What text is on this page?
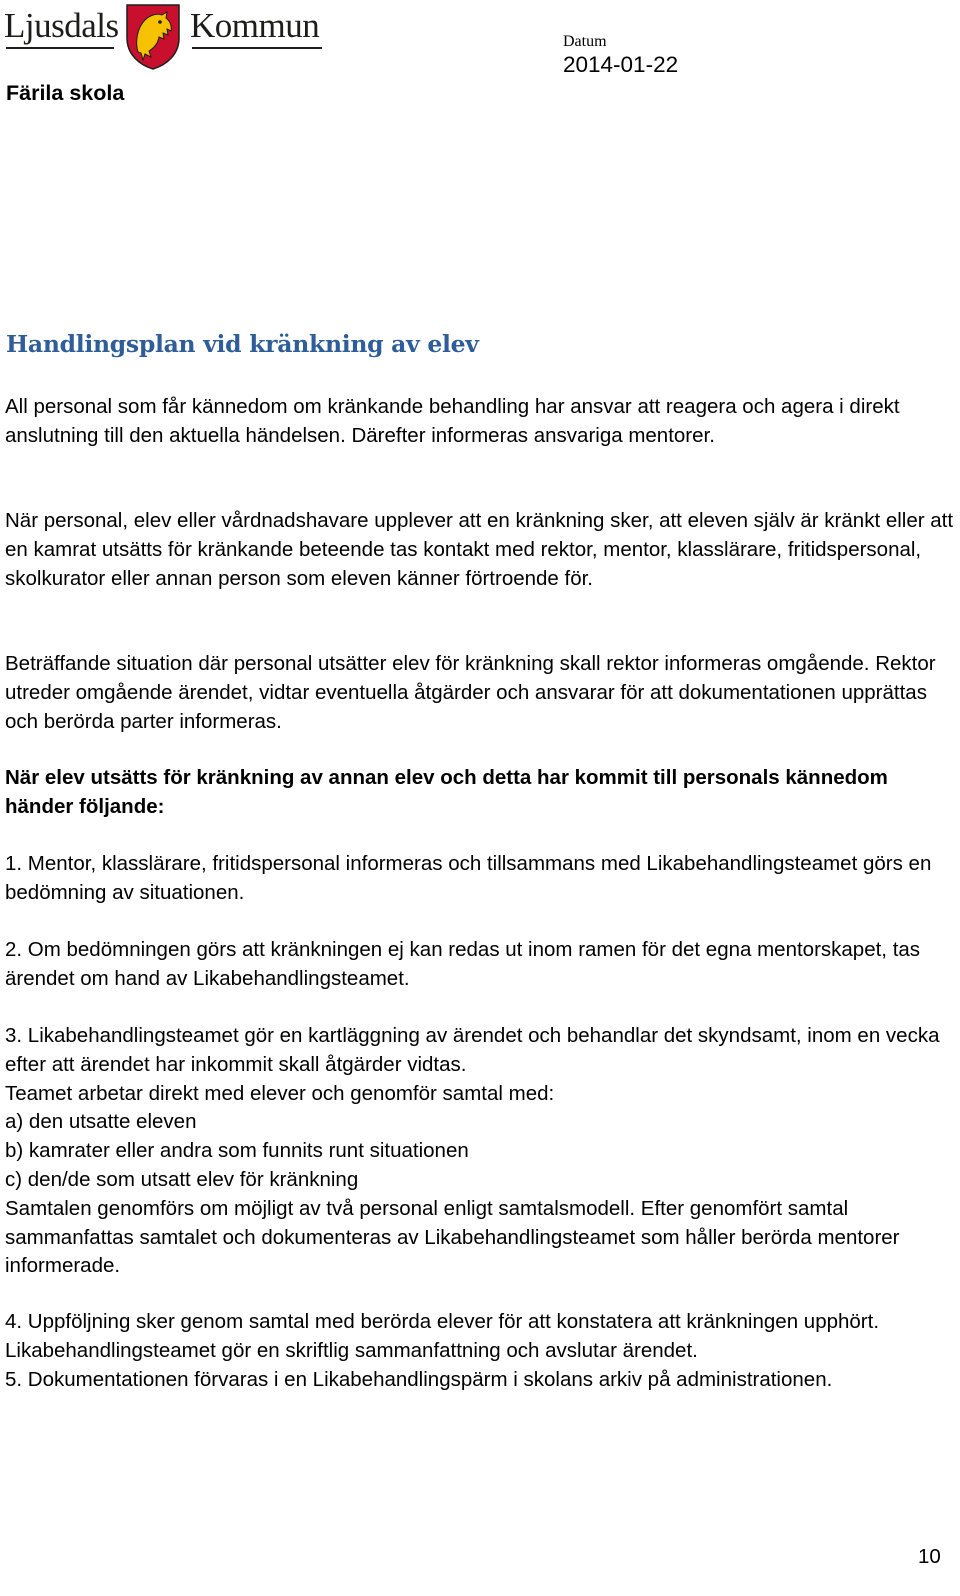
Ljusdals Kommun
Färila skola
Datum
2014-01-22
Handlingsplan vid kränkning av elev

All personal som får kännedom om kränkande behandling har ansvar att reagera och agera i direkt anslutning till den aktuella händelsen. Därefter informeras ansvariga mentorer.

När personal, elev eller vårdnadshavare upplever att en kränkning sker, att eleven själv är kränkt eller att en kamrat utsätts för kränkande beteende tas kontakt med rektor, mentor, klasslärare, fritidspersonal, skolkurator eller annan person som eleven känner förtroende för.

Beträffande situation där personal utsätter elev för kränkning skall rektor informeras omgående. Rektor utreder omgående ärendet, vidtar eventuella åtgärder och ansvarar för att dokumentationen upprättas och berörda parter informeras.

När elev utsätts för kränkning av annan elev och detta har kommit till personals kännedom händer följande:

1. Mentor, klasslärare, fritidspersonal informeras och tillsammans med Likabehandlingsteamet görs en bedömning av situationen.

2. Om bedömningen görs att kränkningen ej kan redas ut inom ramen för det egna mentorskapet, tas ärendet om hand av Likabehandlingsteamet.

3. Likabehandlingsteamet gör en kartläggning av ärendet och behandlar det skyndsamt, inom en vecka efter att ärendet har inkommit skall åtgärder vidtas.
Teamet arbetar direkt med elever och genomför samtal med:
a) den utsatte eleven
b) kamrater eller andra som funnits runt situationen
c) den/de som utsatt elev för kränkning
Samtalen genomförs om möjligt av två personal enligt samtalsmodell. Efter genomfört samtal sammanfattas samtalet och dokumenteras av Likabehandlingsteamet som håller berörda mentorer informerade.
4. Uppföljning sker genom samtal med berörda elever för att konstatera att kränkningen upphört. Likabehandlingsteamet gör en skriftlig sammanfattning och avslutar ärendet.
5. Dokumentationen förvaras i en Likabehandlingspärm i skolans arkiv på administrationen.
10
